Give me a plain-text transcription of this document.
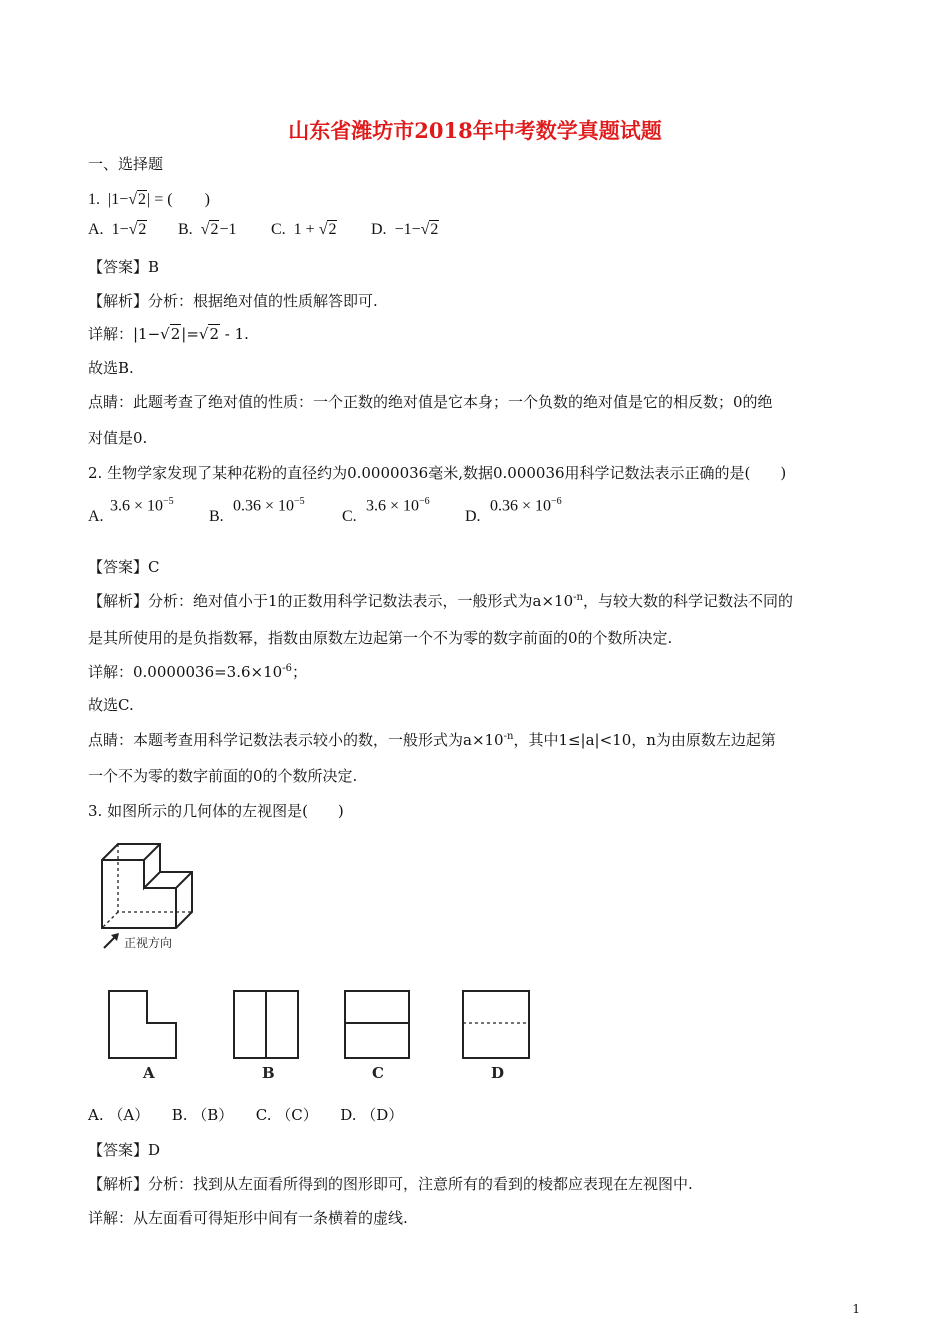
山东省潍坊市2018年中考数学真题试题
一、选择题
1. |1−√2| = (　　)
A. 1−√2 B.  √2−1 C. 1 + √2 D. −1−√2
【答案】B
【解析】分析：根据绝对值的性质解答即可.
详解：|1−√2|=√2 - 1.
故选B.
点睛：此题考查了绝对值的性质：一个正数的绝对值是它本身；一个负数的绝对值是它的相反数；0的绝
对值是0.
2. 生物学家发现了某种花粉的直径约为0.0000036毫米,数据0.000036用科学记数法表示正确的是(　　)
A.
$3.6 \times 10^{-5}$
B.
$0.36 \times 10^{-5}$
C.
$3.6 \times 10^{-6}$
D.
$0.36 \times 10^{-6}$
【答案】C
【解析】分析：绝对值小于1的正数用科学记数法表示，一般形式为$a\times 10^{-n}$，与较大数的科学记数法不同的
是其所使用的是负指数幂，指数由原数左边起第一个不为零的数字前面的0的个数所决定.
详解：$0.0000036=3.6\times 10^{-6}$；
故选C.
点睛：本题考查用科学记数法表示较小的数，一般形式为$a\times 10^{-n}$，其中1≤|a|<10，n为由原数左边起第
一个不为零的数字前面的0的个数所决定.
3. 如图所示的几何体的左视图是(　　)
正视方向
A	B	C	D
A. （A）　　B. （B）　　C. （C）　　D. （D）
【答案】D
【解析】分析：找到从左面看所得到的图形即可，注意所有的看到的棱都应表现在左视图中.
详解：从左面看可得矩形中间有一条横着的虚线.
1
